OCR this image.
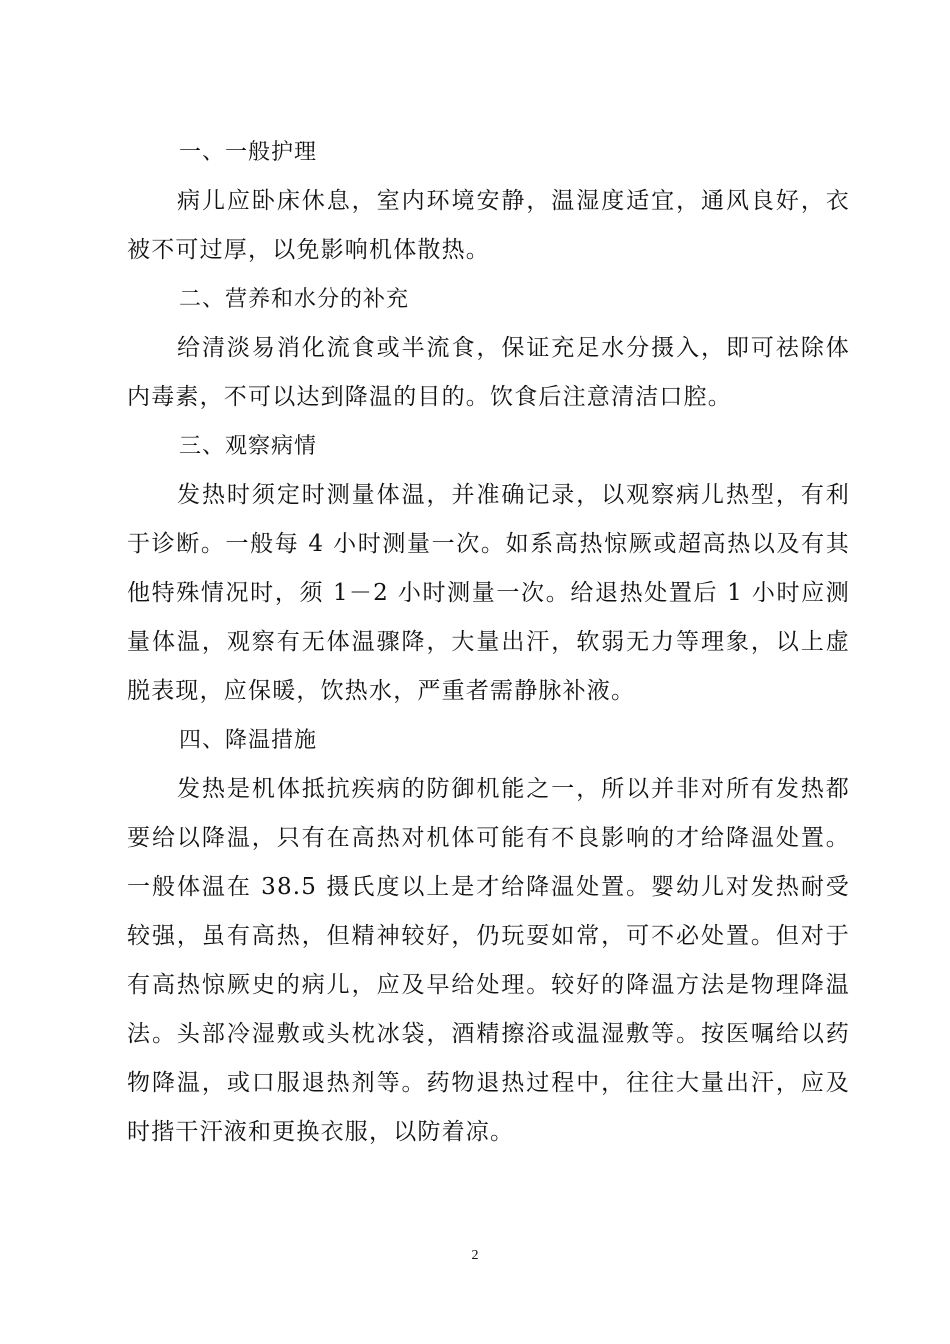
一、一般护理

病儿应卧床休息，室内环境安静，温湿度适宜，通风良好，衣被不可过厚，以免影响机体散热。

二、营养和水分的补充

给清淡易消化流食或半流食，保证充足水分摄入，即可祛除体内毒素，不可以达到降温的目的。饮食后注意清洁口腔。

三、观察病情

发热时须定时测量体温，并准确记录，以观察病儿热型，有利于诊断。一般每 4 小时测量一次。如系高热惊厥或超高热以及有其他特殊情况时，须 1－2 小时测量一次。给退热处置后 1 小时应测量体温，观察有无体温骤降，大量出汗，软弱无力等理象，以上虚脱表现，应保暖，饮热水，严重者需静脉补液。

四、降温措施

发热是机体抵抗疾病的防御机能之一，所以并非对所有发热都要给以降温，只有在高热对机体可能有不良影响的才给降温处置。一般体温在 38.5 摄氏度以上是才给降温处置。婴幼儿对发热耐受较强，虽有高热，但精神较好，仍玩耍如常，可不必处置。但对于有高热惊厥史的病儿，应及早给处理。较好的降温方法是物理降温法。头部冷湿敷或头枕冰袋，酒精擦浴或温湿敷等。按医嘱给以药物降温，或口服退热剂等。药物退热过程中，往往大量出汗，应及时揩干汗液和更换衣服，以防着凉。

2
